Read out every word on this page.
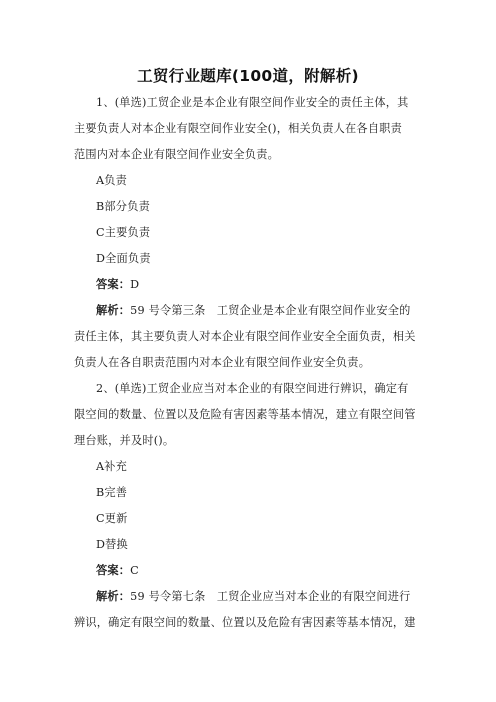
工贸行业题库(100道，附解析)
1、(单选)工贸企业是本企业有限空间作业安全的责任主体，其
主要负责人对本企业有限空间作业安全()，相关负责人在各自职责
范围内对本企业有限空间作业安全负责。
A负责
B部分负责
C主要负责
D全面负责
答案：D
解析：59 号令第三条　工贸企业是本企业有限空间作业安全的
责任主体，其主要负责人对本企业有限空间作业安全全面负责，相关
负责人在各自职责范围内对本企业有限空间作业安全负责。
2、(单选)工贸企业应当对本企业的有限空间进行辨识，确定有
限空间的数量、位置以及危险有害因素等基本情况，建立有限空间管
理台账，并及时()。
A补充
B完善
C更新
D替换
答案：C
解析：59 号令第七条　工贸企业应当对本企业的有限空间进行
辨识，确定有限空间的数量、位置以及危险有害因素等基本情况，建
